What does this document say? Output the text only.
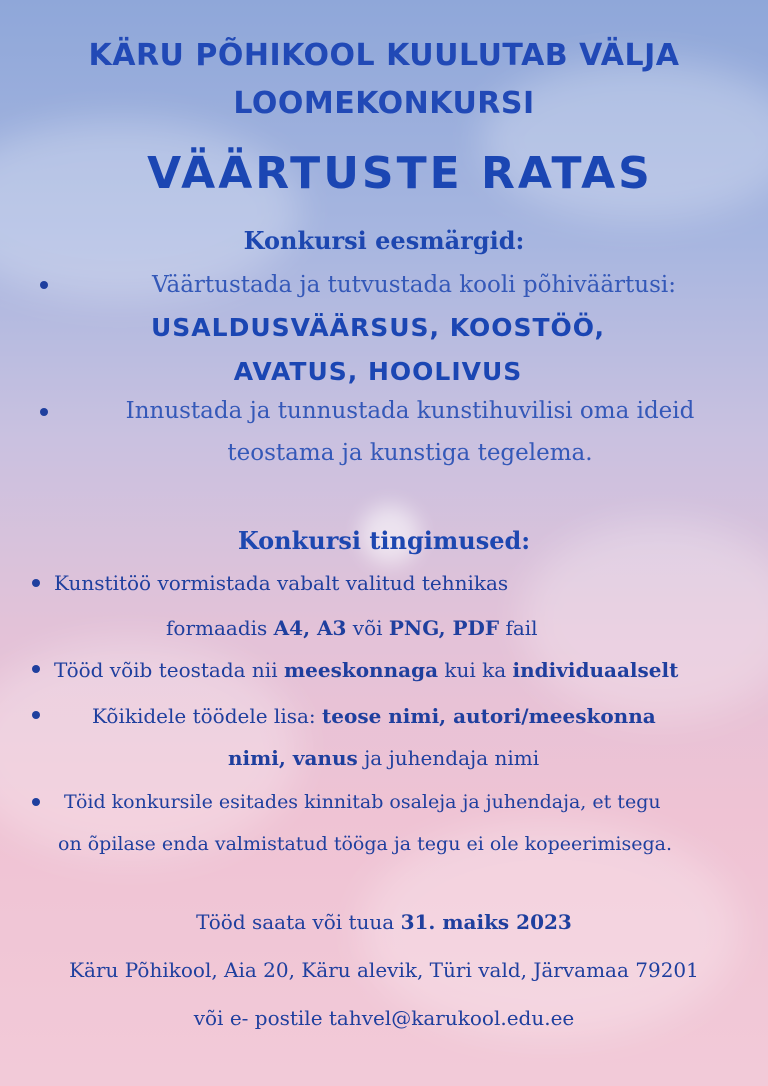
KÄRU PÕHIKOOL KUULUTAB VÄLJA
LOOMEKONKURSI
VÄÄRTUSTE RATAS
Konkursi eesmärgid:
Väärtustada ja tutvustada kooli põhiväärtusi:
USALDUSVÄÄRSUS, KOOSTÖÖ,
AVATUS, HOOLIVUS
Innustada ja tunnustada kunstihuvilisi oma ideid
teostama ja kunstiga tegelema.
Konkursi tingimused:
Kunstitöö vormistada vabalt valitud tehnikas
formaadis A4, A3 või PNG, PDF fail
Tööd võib teostada nii meeskonnaga kui ka individuaalselt
Kõikidele töödele lisa: teose nimi, autori/meeskonna
nimi, vanus ja juhendaja nimi
Töid konkursile esitades kinnitab osaleja ja juhendaja, et tegu
on õpilase enda valmistatud tööga ja tegu ei ole kopeerimisega.
Tööd saata või tuua 31. maiks 2023
Käru Põhikool, Aia 20, Käru alevik, Türi vald, Järvamaa 79201
või e- postile tahvel@karukool.edu.ee
